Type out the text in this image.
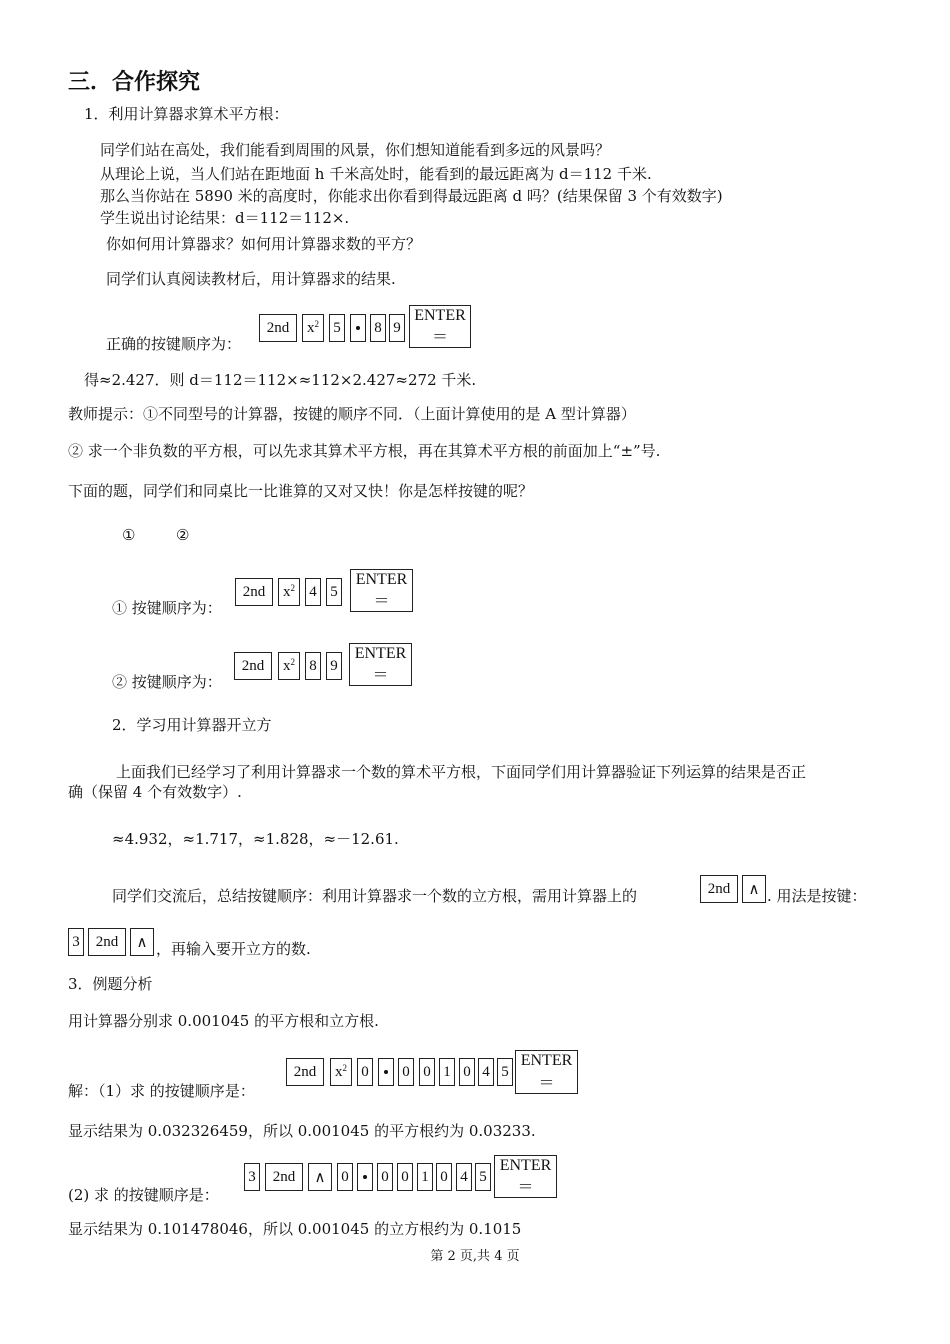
三．合作探究
1．利用计算器求算术平方根：
同学们站在高处，我们能看到周围的风景，你们想知道能看到多远的风景吗？
从理论上说，当人们站在距地面 h 千米高处时，能看到的最远距离为 d＝112 千米.
那么当你站在 5890 米的高度时，你能求出你看到得最远距离 d 吗？(结果保留 3 个有效数字)
学生说出讨论结果：d＝112＝112×.
你如何用计算器求？如何用计算器求数的平方？
同学们认真阅读教材后，用计算器求的结果.
正确的按键顺序为：
2nd $x^2$ 5 8 9
ENTER
＝
得≈2.427．则 d＝112＝112×≈112×2.427≈272 千米.
教师提示：①不同型号的计算器，按键的顺序不同．（上面计算使用的是 A 型计算器）
② 求一个非负数的平方根，可以先求其算术平方根，再在其算术平方根的前面加上“±”号.
下面的题，同学们和同桌比一比谁算的又对又快！你是怎样按键的呢？
①	②
① 按键顺序为：
2nd $x^2$ 4 5
ENTER
＝
② 按键顺序为：
2nd $x^2$ 8 9
ENTER
＝
2．学习用计算器开立方
上面我们已经学习了利用计算器求一个数的算术平方根，下面同学们用计算器验证下列运算的结果是否正
确（保留 4 个有效数字）.
≈4.932，≈1.717，≈1.828，≈－12.61.
同学们交流后，总结按键顺序：利用计算器求一个数的立方根，需用计算器上的	2nd ∧ . 用法是按键：
3 2nd ∧ ，再输入要开立方的数.
3．例题分析
用计算器分别求 0.001045 的平方根和立方根.
解：（1）求 的按键顺序是：
2nd $x^2$ 0 0 0 1 0 4 5
ENTER
＝
显示结果为 0.032326459，所以 0.001045 的平方根约为 0.03233.
(2) 求 的按键顺序是：
3 2nd ∧ 0 0 0 1 0 4 5
ENTER
＝
显示结果为 0.101478046，所以 0.001045 的立方根约为 0.1015
第 2 页,共 4 页
